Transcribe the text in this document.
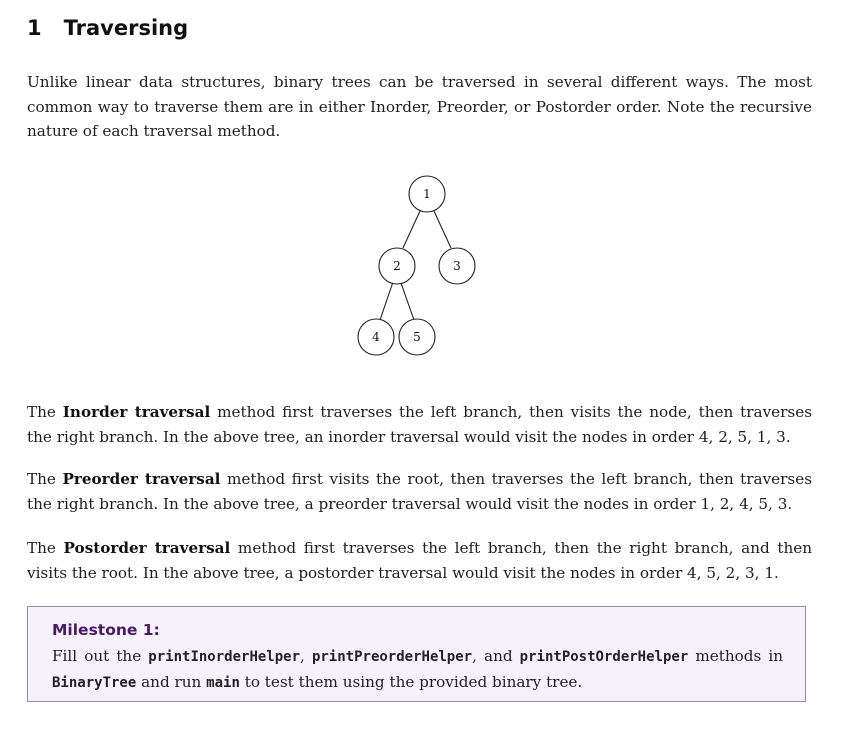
1 Traversing

Unlike linear data structures, binary trees can be traversed in several different ways. The most common way to traverse them are in either Inorder, Preorder, or Postorder order. Note the recursive nature of each traversal method.

1
2	3
4	5

The Inorder traversal method first traverses the left branch, then visits the node, then traverses the right branch. In the above tree, an inorder traversal would visit the nodes in order 4, 2, 5, 1, 3.

The Preorder traversal method first visits the root, then traverses the left branch, then traverses the right branch. In the above tree, a preorder traversal would visit the nodes in order 1, 2, 4, 5, 3.

The Postorder traversal method first traverses the left branch, then the right branch, and then visits the root. In the above tree, a postorder traversal would visit the nodes in order 4, 5, 2, 3, 1.

Milestone 1:

Fill out the printInorderHelper, printPreorderHelper, and printPostOrderHelper methods in BinaryTree and run main to test them using the provided binary tree.
